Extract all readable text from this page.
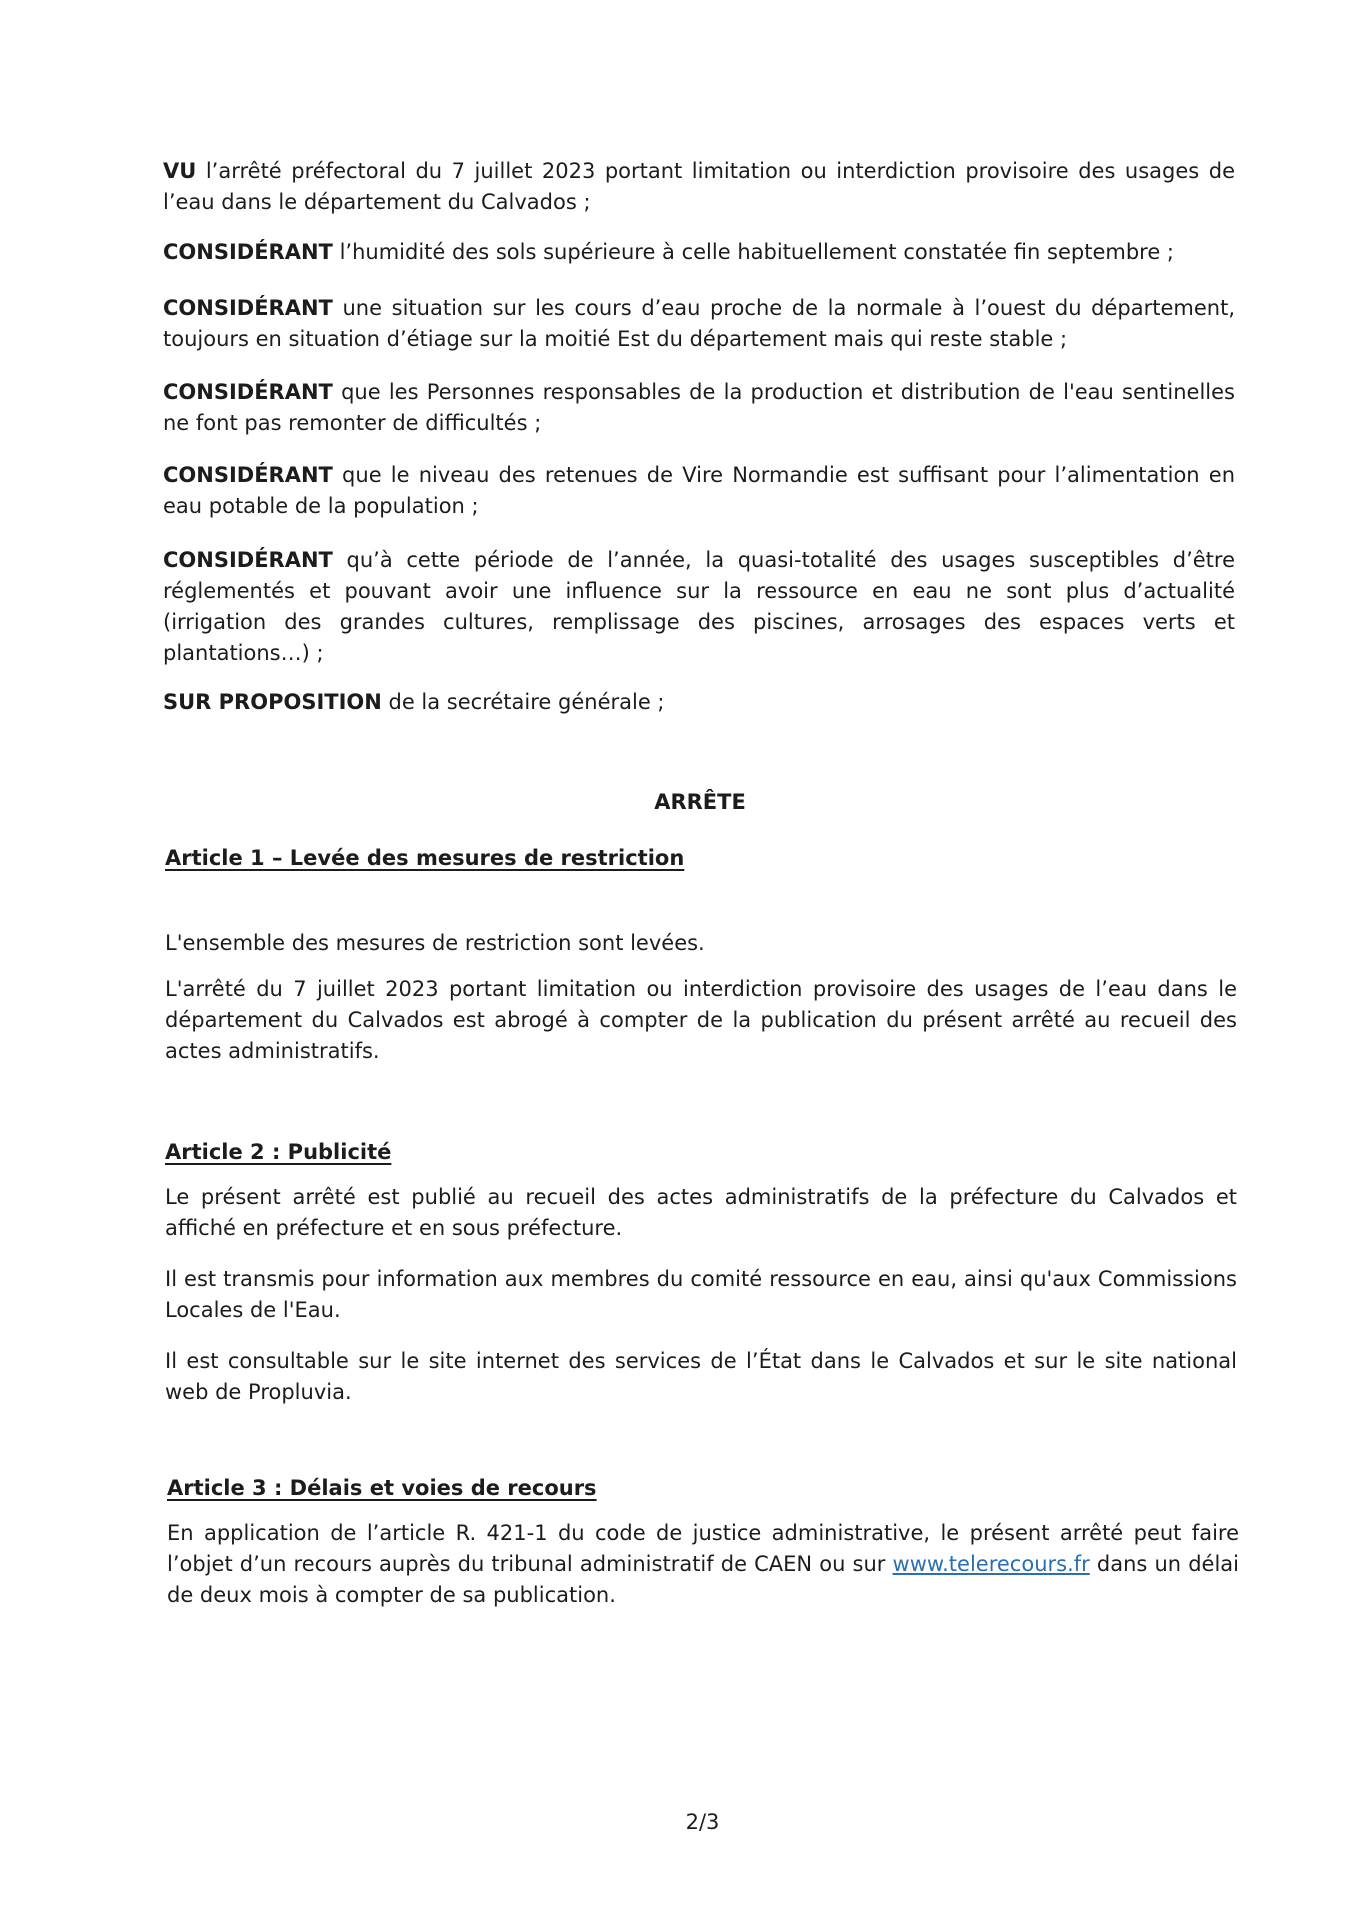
VU l’arrêté préfectoral du 7 juillet 2023 portant limitation ou interdiction provisoire des usages de l’eau dans le département du Calvados ;

CONSIDÉRANT l’humidité des sols supérieure à celle habituellement constatée fin septembre ;

CONSIDÉRANT une situation sur les cours d’eau proche de la normale à l’ouest du département, toujours en situation d’étiage sur la moitié Est du département mais qui reste stable ;

CONSIDÉRANT que les Personnes responsables de la production et distribution de l'eau sentinelles ne font pas remonter de difficultés ;

CONSIDÉRANT que le niveau des retenues de Vire Normandie est suffisant pour l’alimentation en eau potable de la population ;

CONSIDÉRANT qu’à cette période de l’année, la quasi-totalité des usages susceptibles d’être réglementés et pouvant avoir une influence sur la ressource en eau ne sont plus d’actualité (irrigation des grandes cultures, remplissage des piscines, arrosages des espaces verts et plantations…) ;

SUR PROPOSITION de la secrétaire générale ;

ARRÊTE
Article 1 – Levée des mesures de restriction

L'ensemble des mesures de restriction sont levées.

L'arrêté du 7 juillet 2023 portant limitation ou interdiction provisoire des usages de l’eau dans le département du Calvados est abrogé à compter de la publication du présent arrêté au recueil des actes administratifs.

Article 2 : Publicité

Le présent arrêté est publié au recueil des actes administratifs de la préfecture du Calvados et affiché en préfecture et en sous préfecture.

Il est transmis pour information aux membres du comité ressource en eau, ainsi qu'aux Commissions Locales de l'Eau.

Il est consultable sur le site internet des services de l’État dans le Calvados et sur le site national web de Propluvia.

Article 3 : Délais et voies de recours

En application de l’article R. 421-1 du code de justice administrative, le présent arrêté peut faire l’objet d’un recours auprès du tribunal administratif de CAEN ou sur www.telerecours.fr dans un délai de deux mois à compter de sa publication.

2/3
